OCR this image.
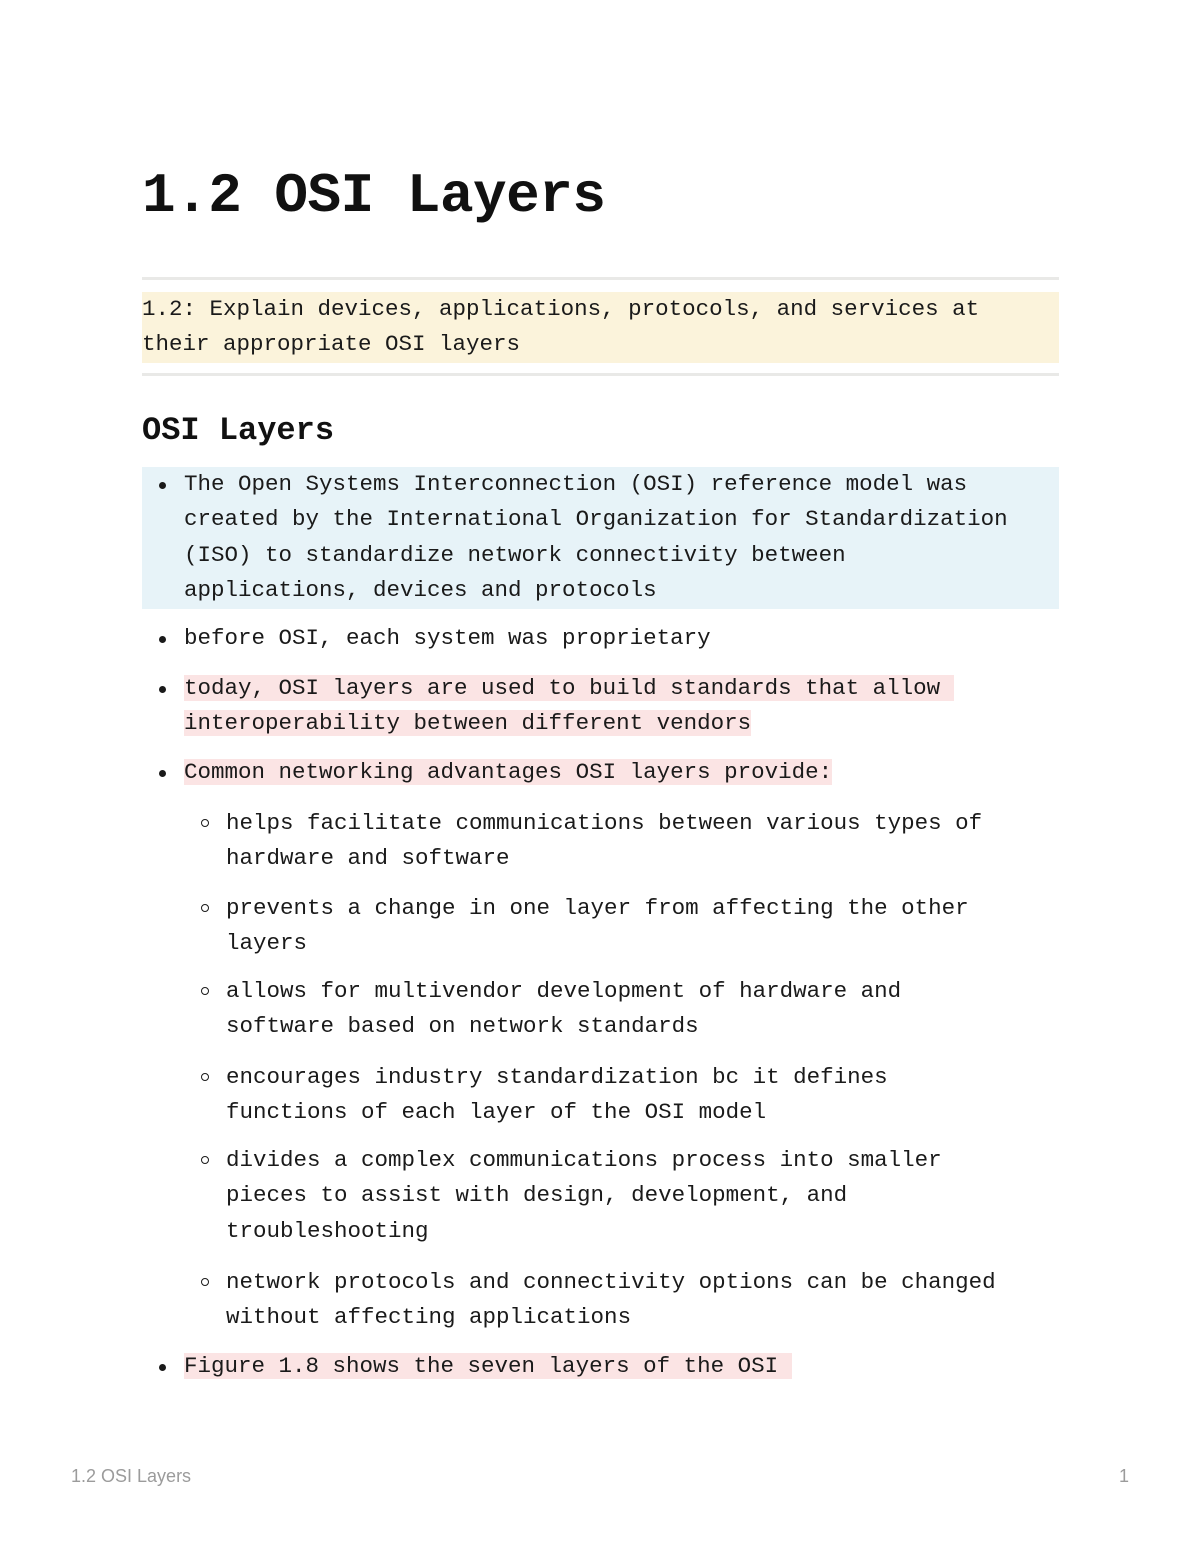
1.2 OSI Layers
1.2: Explain devices, applications, protocols, and services at
their appropriate OSI layers
OSI Layers
The Open Systems Interconnection (OSI) reference model was
created by the International Organization for Standardization
(ISO) to standardize network connectivity between
applications, devices and protocols
before OSI, each system was proprietary
today, OSI layers are used to build standards that allow
interoperability between different vendors
Common networking advantages OSI layers provide:
helps facilitate communications between various types of
hardware and software
prevents a change in one layer from affecting the other
layers
allows for multivendor development of hardware and
software based on network standards
encourages industry standardization bc it defines
functions of each layer of the OSI model
divides a complex communications process into smaller
pieces to assist with design, development, and
troubleshooting
network protocols and connectivity options can be changed
without affecting applications
Figure 1.8 shows the seven layers of the OSI
1.2 OSI Layers	1
